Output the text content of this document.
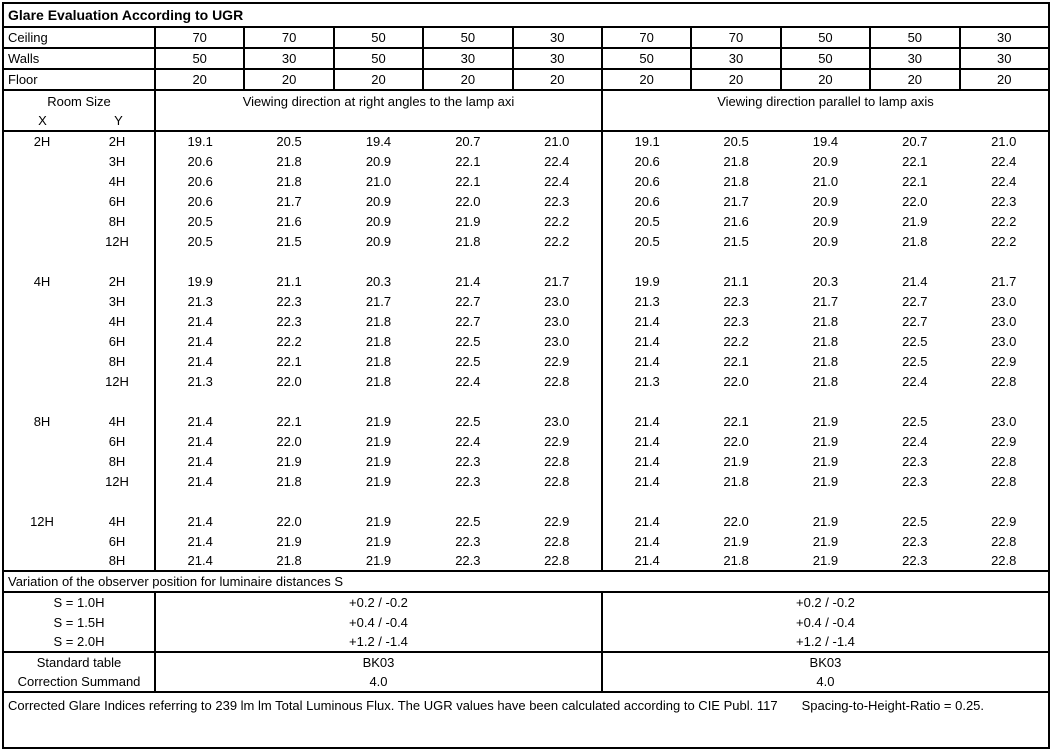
Glare Evaluation According to UGR
Ceiling	70	70	50	50	30	70	70	50	50	30
Walls	50	30	50	30	30	50	30	50	30	30
Floor	20	20	20	20	20	20	20	20	20	20

Room Size
X	Y	Viewing direction at right angles to the lamp axi	Viewing direction parallel to lamp axis

2H	2H	19.1	20.5	19.4	20.7	21.0	19.1	20.5	19.4	20.7	21.0
	3H	20.6	21.8	20.9	22.1	22.4	20.6	21.8	20.9	22.1	22.4
	4H	20.6	21.8	21.0	22.1	22.4	20.6	21.8	21.0	22.1	22.4
	6H	20.6	21.7	20.9	22.0	22.3	20.6	21.7	20.9	22.0	22.3
	8H	20.5	21.6	20.9	21.9	22.2	20.5	21.6	20.9	21.9	22.2
	12H	20.5	21.5	20.9	21.8	22.2	20.5	21.5	20.9	21.8	22.2

4H	2H	19.9	21.1	20.3	21.4	21.7	19.9	21.1	20.3	21.4	21.7
	3H	21.3	22.3	21.7	22.7	23.0	21.3	22.3	21.7	22.7	23.0
	4H	21.4	22.3	21.8	22.7	23.0	21.4	22.3	21.8	22.7	23.0
	6H	21.4	22.2	21.8	22.5	23.0	21.4	22.2	21.8	22.5	23.0
	8H	21.4	22.1	21.8	22.5	22.9	21.4	22.1	21.8	22.5	22.9
	12H	21.3	22.0	21.8	22.4	22.8	21.3	22.0	21.8	22.4	22.8

8H	4H	21.4	22.1	21.9	22.5	23.0	21.4	22.1	21.9	22.5	23.0
	6H	21.4	22.0	21.9	22.4	22.9	21.4	22.0	21.9	22.4	22.9
	8H	21.4	21.9	21.9	22.3	22.8	21.4	21.9	21.9	22.3	22.8
	12H	21.4	21.8	21.9	22.3	22.8	21.4	21.8	21.9	22.3	22.8

12H	4H	21.4	22.0	21.9	22.5	22.9	21.4	22.0	21.9	22.5	22.9
	6H	21.4	21.9	21.9	22.3	22.8	21.4	21.9	21.9	22.3	22.8
	8H	21.4	21.8	21.9	22.3	22.8	21.4	21.8	21.9	22.3	22.8
Variation of the observer position for luminaire distances S
S = 1.0H	+0.2 / -0.2	+0.2 / -0.2
S = 1.5H	+0.4 / -0.4	+0.4 / -0.4
S = 2.0H	+1.2 / -1.4	+1.2 / -1.4
Standard table	BK03	BK03
Correction Summand	4.0	4.0
Corrected Glare Indices referring to 239 lm lm Total Luminous Flux. The UGR values have been calculated according to CIE Publ. 117 Spacing-to-Height-Ratio = 0.25.
